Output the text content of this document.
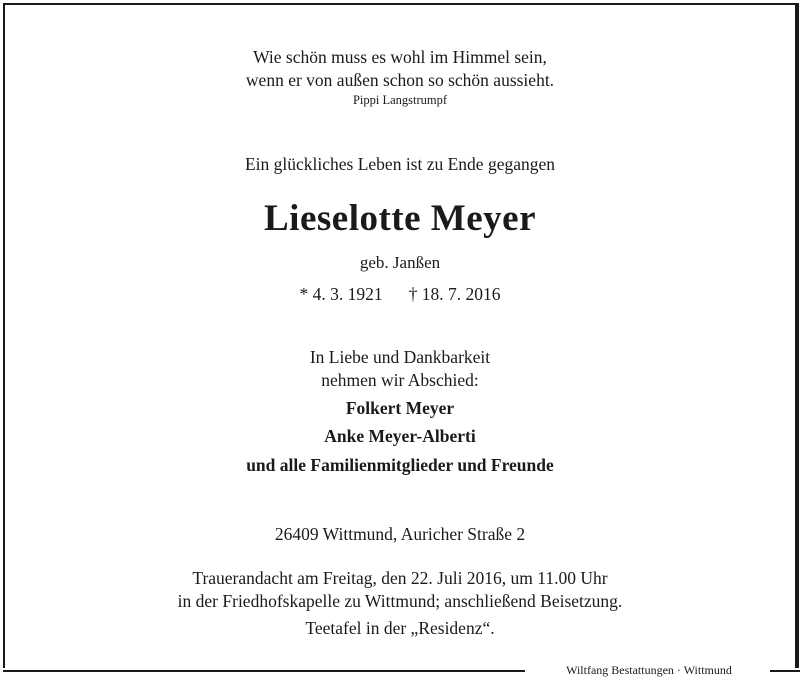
Wie schön muss es wohl im Himmel sein,
wenn er von außen schon so schön aussieht.
Pippi Langstrumpf
Ein glückliches Leben ist zu Ende gegangen
Lieselotte Meyer
geb. Janßen
* 4. 3. 1921 † 18. 7. 2016
In Liebe und Dankbarkeit
nehmen wir Abschied:
Folkert Meyer
Anke Meyer-Alberti
und alle Familienmitglieder und Freunde
26409 Wittmund, Auricher Straße 2
Trauerandacht am Freitag, den 22. Juli 2016, um 11.00 Uhr
in der Friedhofskapelle zu Wittmund; anschließend Beisetzung.
Teetafel in der „Residenz“.
Wiltfang Bestattungen · Wittmund
